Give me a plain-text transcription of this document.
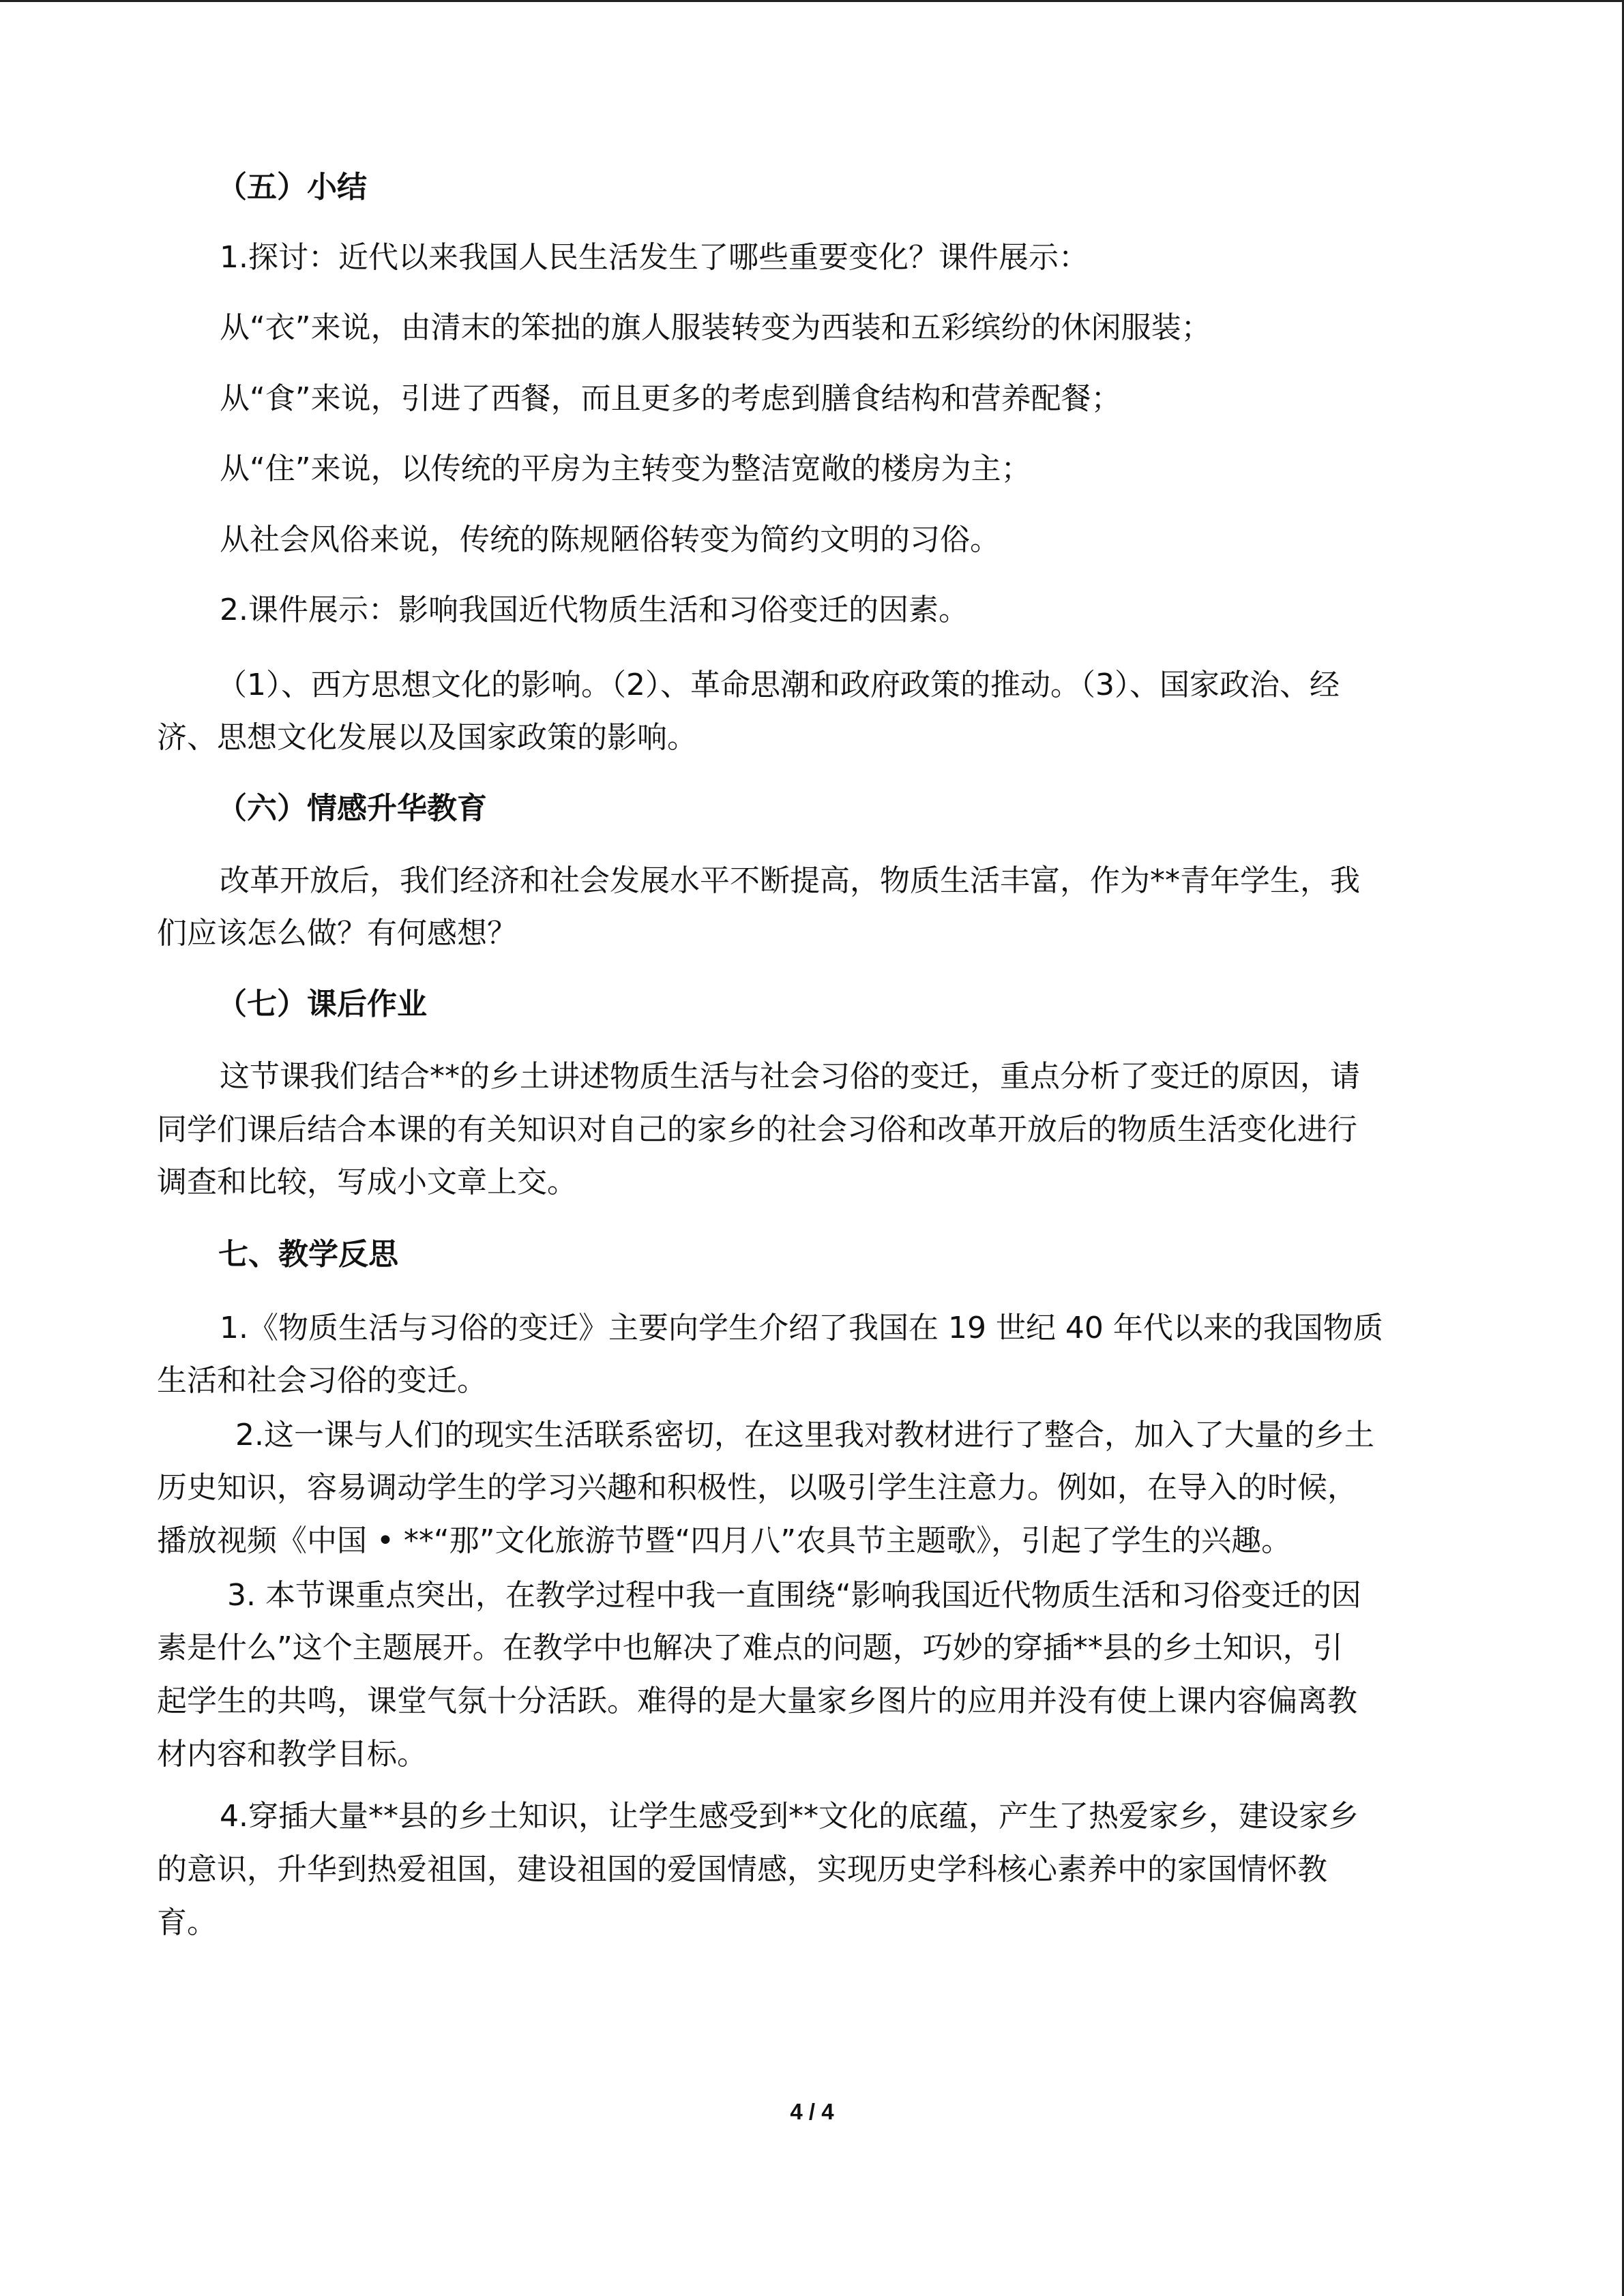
（五）小结
1.探讨：近代以来我国人民生活发生了哪些重要变化？课件展示：
从“衣”来说，由清末的笨拙的旗人服装转变为西装和五彩缤纷的休闲服装；
从“食”来说，引进了西餐，而且更多的考虑到膳食结构和营养配餐；
从“住”来说，以传统的平房为主转变为整洁宽敞的楼房为主；
从社会风俗来说，传统的陈规陋俗转变为简约文明的习俗。
2.课件展示：影响我国近代物质生活和习俗变迁的因素。
（1）、西方思想文化的影响。（2）、革命思潮和政府政策的推动。（3）、国家政治、经
济、思想文化发展以及国家政策的影响。
（六）情感升华教育
改革开放后，我们经济和社会发展水平不断提高，物质生活丰富，作为**青年学生，我
们应该怎么做？有何感想？
（七）课后作业
这节课我们结合**的乡土讲述物质生活与社会习俗的变迁，重点分析了变迁的原因，请
同学们课后结合本课的有关知识对自己的家乡的社会习俗和改革开放后的物质生活变化进行
调查和比较，写成小文章上交。
七、教学反思
1.《物质生活与习俗的变迁》主要向学生介绍了我国在 19 世纪 40 年代以来的我国物质
生活和社会习俗的变迁。
2.这一课与人们的现实生活联系密切，在这里我对教材进行了整合，加入了大量的乡土
历史知识，容易调动学生的学习兴趣和积极性，以吸引学生注意力。例如，在导入的时候，
播放视频《中国 • **“那”文化旅游节暨“四月八”农具节主题歌》，引起了学生的兴趣。
3. 本节课重点突出，在教学过程中我一直围绕“影响我国近代物质生活和习俗变迁的因
素是什么”这个主题展开。在教学中也解决了难点的问题，巧妙的穿插**县的乡土知识，引
起学生的共鸣，课堂气氛十分活跃。难得的是大量家乡图片的应用并没有使上课内容偏离教
材内容和教学目标。
4.穿插大量**县的乡土知识，让学生感受到**文化的底蕴，产生了热爱家乡，建设家乡
的意识，升华到热爱祖国，建设祖国的爱国情感，实现历史学科核心素养中的家国情怀教
育。
4 / 4
